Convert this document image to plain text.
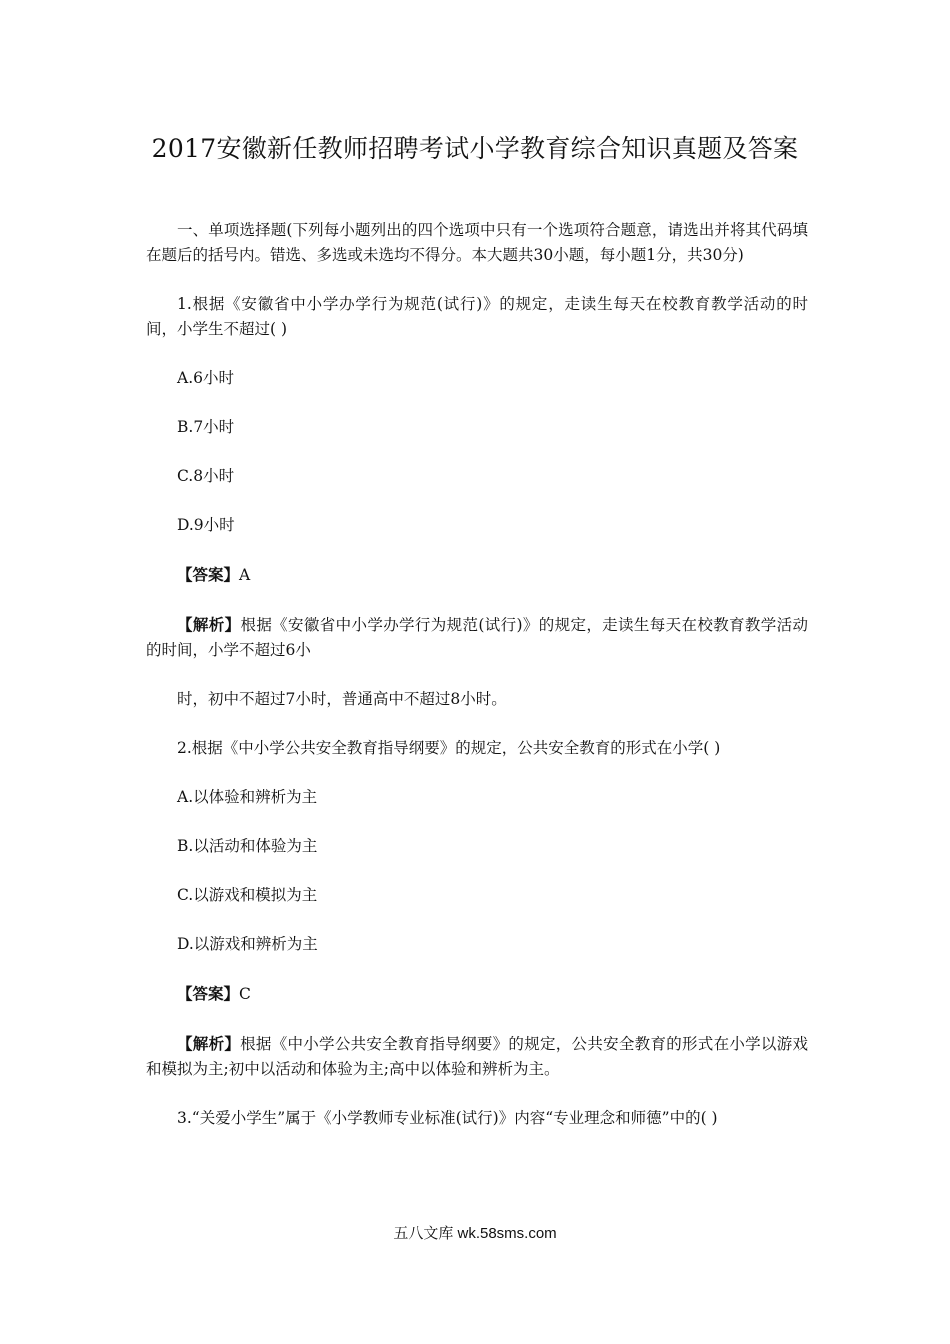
2017安徽新任教师招聘考试小学教育综合知识真题及答案

一、单项选择题(下列每小题列出的四个选项中只有一个选项符合题意，请选出并将其代码填在题后的括号内。错选、多选或未选均不得分。本大题共30小题，每小题1分，共30分)

1.根据《安徽省中小学办学行为规范(试行)》的规定，走读生每天在校教育教学活动的时间，小学生不超过( )

A.6小时

B.7小时

C.8小时

D.9小时

【答案】A

【解析】根据《安徽省中小学办学行为规范(试行)》的规定，走读生每天在校教育教学活动的时间，小学不超过6小

时，初中不超过7小时，普通高中不超过8小时。

2.根据《中小学公共安全教育指导纲要》的规定，公共安全教育的形式在小学( )

A.以体验和辨析为主

B.以活动和体验为主

C.以游戏和模拟为主

D.以游戏和辨析为主

【答案】C

【解析】根据《中小学公共安全教育指导纲要》的规定，公共安全教育的形式在小学以游戏和模拟为主;初中以活动和体验为主;高中以体验和辨析为主。

3.“关爱小学生”属于《小学教师专业标准(试行)》内容“专业理念和师德”中的( )

五八文库 wk.58sms.com
